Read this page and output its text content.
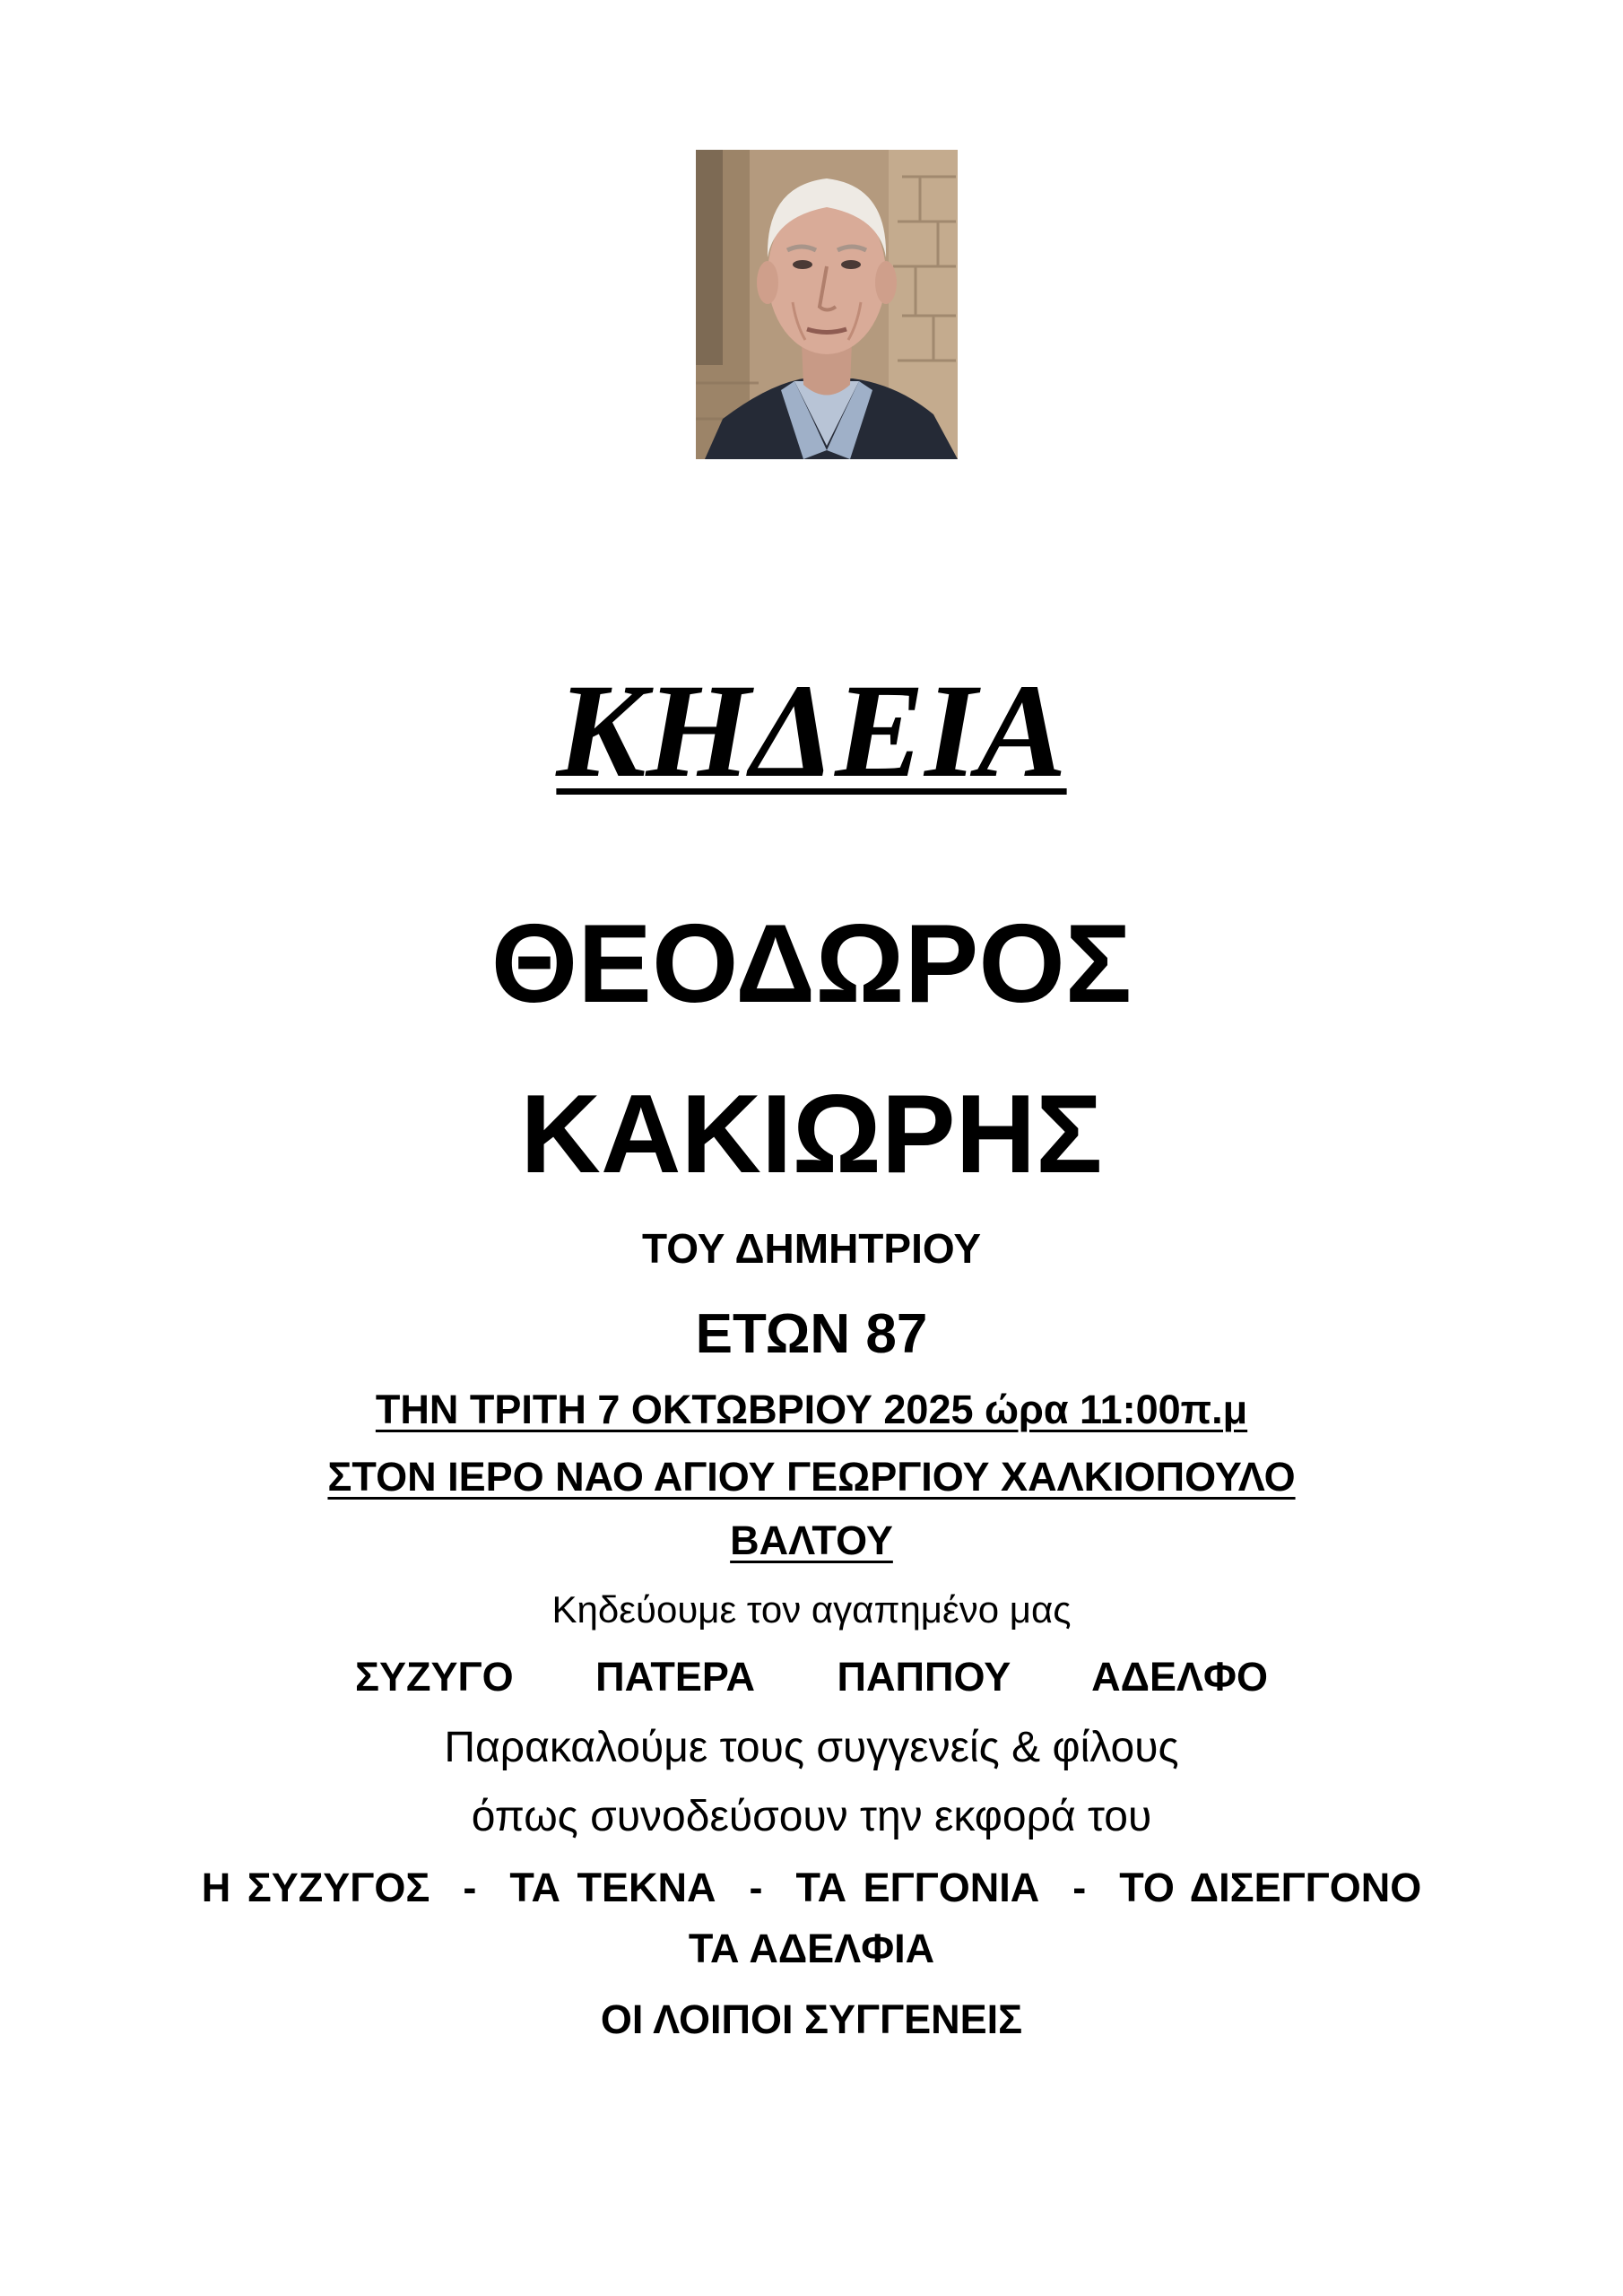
ΚΗΔΕΙΑ

ΘΕΟΔΩΡΟΣ

ΚΑΚΙΩΡΗΣ

ΤΟΥ ΔΗΜΗΤΡΙΟΥ

ΕΤΩΝ 87

ΤΗΝ ΤΡΙΤΗ 7 ΟΚΤΩΒΡΙΟΥ 2025 ώρα 11:00π.μ

ΣΤΟΝ ΙΕΡΟ ΝΑΟ ΑΓΙΟΥ ΓΕΩΡΓΙΟΥ ΧΑΛΚΙΟΠΟΥΛΟ

ΒΑΛΤΟΥ

Κηδεύουμε τον αγαπημένο μας

ΣΥΖΥΓΟ   ΠΑΤΕΡΑ   ΠΑΠΠΟΥ   ΑΔΕΛΦΟ

Παρακαλούμε τους συγγενείς & φίλους

όπως συνοδεύσουν την εκφορά του

Η ΣΥΖΥΓΟΣ  -  ΤΑ ΤΕΚΝΑ  -  ΤΑ ΕΓΓΟΝΙΑ  -  ΤΟ ΔΙΣΕΓΓΟΝΟ

ΤΑ ΑΔΕΛΦΙΑ

ΟΙ ΛΟΙΠΟΙ ΣΥΓΓΕΝΕΙΣ
